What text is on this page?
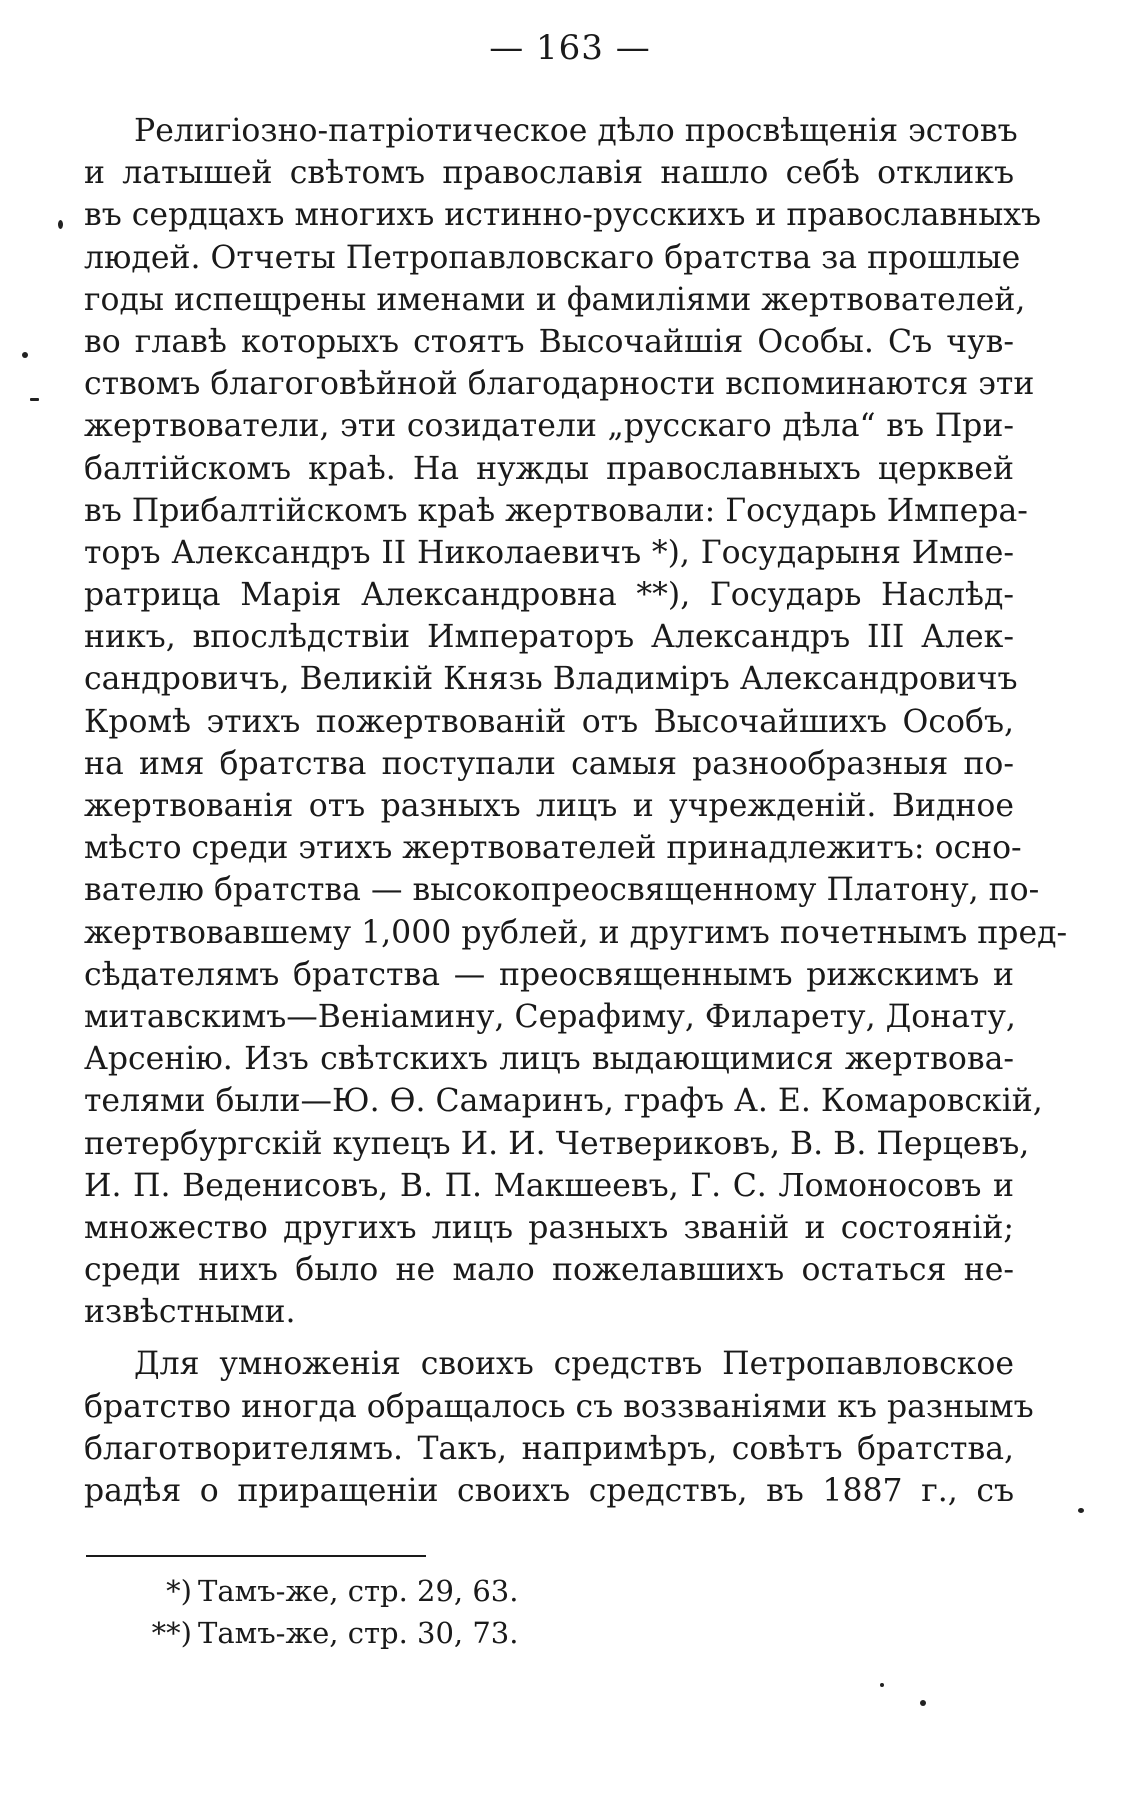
— 163 —
Религіозно-патріотическое дѣло просвѣщенія эстовъ
и латышей свѣтомъ православія нашло себѣ откликъ
въ сердцахъ многихъ истинно-русскихъ и православныхъ
людей. Отчеты Петропавловскаго братства за прошлые
годы испещрены именами и фамиліями жертвователей,
во главѣ которыхъ стоятъ Высочайшія Особы. Съ чув-
ствомъ благоговѣйной благодарности вспоминаются эти
жертвователи, эти созидатели „русскаго дѣла“ въ При-
балтійскомъ краѣ. На нужды православныхъ церквей
въ Прибалтійскомъ краѣ жертвовали: Государь Импера-
торъ Александръ II Николаевичъ *), Государыня Импе-
ратрица Марія Александровна **), Государь Наслѣд-
никъ, впослѣдствіи Императоръ Александръ III Алек-
сандровичъ, Великій Князь Владиміръ Александровичъ
Кромѣ этихъ пожертвованій отъ Высочайшихъ Особъ,
на имя братства поступали самыя разнообразныя по-
жертвованія отъ разныхъ лицъ и учрежденій. Видное
мѣсто среди этихъ жертвователей принадлежитъ: осно-
вателю братства — высокопреосвященному Платону, по-
жертвовавшему 1,000 рублей, и другимъ почетнымъ пред-
сѣдателямъ братства — преосвященнымъ рижскимъ и
митавскимъ—Веніамину, Серафиму, Филарету, Донату,
Арсенію. Изъ свѣтскихъ лицъ выдающимися жертвова-
телями были—Ю. Ѳ. Самаринъ, графъ А. Е. Комаровскій,
петербургскій купецъ И. И. Четвериковъ, В. В. Перцевъ,
И. П. Веденисовъ, В. П. Макшеевъ, Г. С. Ломоносовъ и
множество другихъ лицъ разныхъ званій и состояній;
среди нихъ было не мало пожелавшихъ остаться не-
извѣстными.
Для умноженія своихъ средствъ Петропавловское
братство иногда обращалось съ воззваніями къ разнымъ
благотворителямъ. Такъ, напримѣръ, совѣтъ братства,
радѣя о приращеніи своихъ средствъ, въ 1887 г., съ
*) Тамъ-же, стр. 29, 63.
**) Тамъ-же, стр. 30, 73.
